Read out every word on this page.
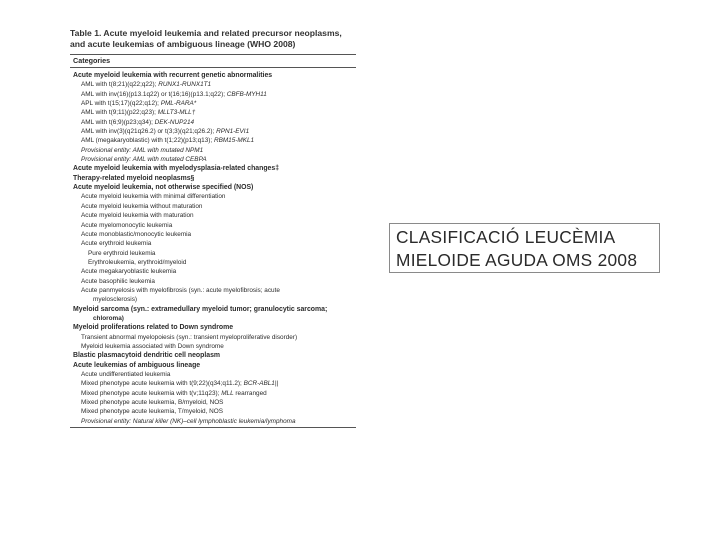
Table 1. Acute myeloid leukemia and related precursor neoplasms,
and acute leukemias of ambiguous lineage (WHO 2008)
Categories
Acute myeloid leukemia with recurrent genetic abnormalities
AML with t(8;21)(q22;q22); RUNX1-RUNX1T1
AML with inv(16)(p13.1q22) or t(16;16)(p13.1;q22); CBFB-MYH11
APL with t(15;17)(q22;q12); PML-RARA*
AML with t(9;11)(p22;q23); MLLT3-MLL†
AML with t(6;9)(p23;q34); DEK-NUP214
AML with inv(3)(q21q26.2) or t(3;3)(q21;q26.2); RPN1-EVI1
AML (megakaryoblastic) with t(1;22)(p13;q13); RBM15-MKL1
Provisional entity: AML with mutated NPM1
Provisional entity: AML with mutated CEBPA
Acute myeloid leukemia with myelodysplasia-related changes‡
Therapy-related myeloid neoplasms§
Acute myeloid leukemia, not otherwise specified (NOS)
Acute myeloid leukemia with minimal differentiation
Acute myeloid leukemia without maturation
Acute myeloid leukemia with maturation
Acute myelomonocytic leukemia
Acute monoblastic/monocytic leukemia
Acute erythroid leukemia
Pure erythroid leukemia
Erythroleukemia, erythroid/myeloid
Acute megakaryoblastic leukemia
Acute basophilic leukemia
Acute panmyelosis with myelofibrosis (syn.: acute myelofibrosis; acute
myelosclerosis)
Myeloid sarcoma (syn.: extramedullary myeloid tumor; granulocytic sarcoma;
chloroma)
Myeloid proliferations related to Down syndrome
Transient abnormal myelopoiesis (syn.: transient myeloproliferative disorder)
Myeloid leukemia associated with Down syndrome
Blastic plasmacytoid dendritic cell neoplasm
Acute leukemias of ambiguous lineage
Acute undifferentiated leukemia
Mixed phenotype acute leukemia with t(9;22)(q34;q11.2); BCR-ABL1||
Mixed phenotype acute leukemia with t(v;11q23); MLL rearranged
Mixed phenotype acute leukemia, B/myeloid, NOS
Mixed phenotype acute leukemia, T/myeloid, NOS
Provisional entity: Natural killer (NK)–cell lymphoblastic leukemia/lymphoma
CLASIFICACIÓ LEUCÈMIA
MIELOIDE AGUDA OMS 2008
